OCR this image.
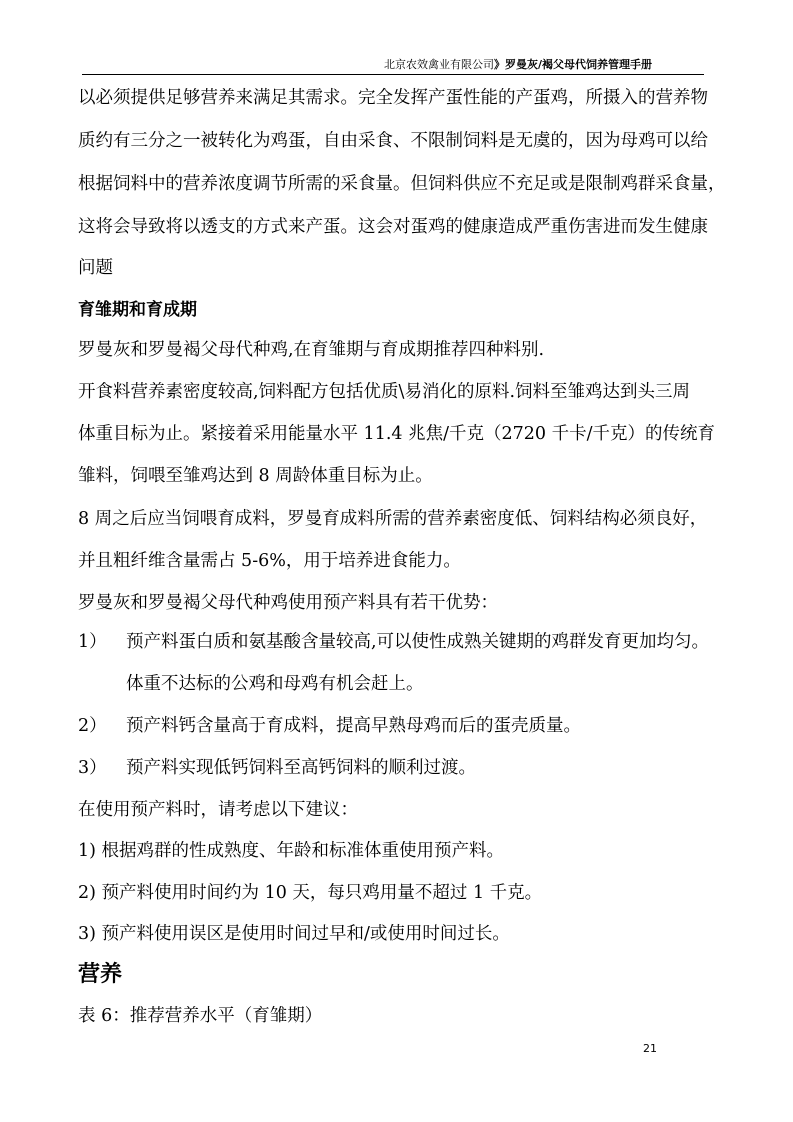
北京农效禽业有限公司》罗曼灰/褐父母代饲养管理手册
以必须提供足够营养来满足其需求。完全发挥产蛋性能的产蛋鸡，所摄入的营养物
质约有三分之一被转化为鸡蛋，自由采食、不限制饲料是无虞的，因为母鸡可以给
根据饲料中的营养浓度调节所需的采食量。但饲料供应不充足或是限制鸡群采食量，
这将会导致将以透支的方式来产蛋。这会对蛋鸡的健康造成严重伤害进而发生健康
问题
育雏期和育成期
罗曼灰和罗曼褐父母代种鸡,在育雏期与育成期推荐四种料别.
开食料营养素密度较高,饲料配方包括优质\易消化的原料.饲料至雏鸡达到头三周
体重目标为止。紧接着采用能量水平 11.4 兆焦/千克（2720 千卡/千克）的传统育
雏料，饲喂至雏鸡达到 8 周龄体重目标为止。
8 周之后应当饲喂育成料，罗曼育成料所需的营养素密度低、饲料结构必须良好，
并且粗纤维含量需占 5-6%，用于培养进食能力。
罗曼灰和罗曼褐父母代种鸡使用预产料具有若干优势：
1） 预产料蛋白质和氨基酸含量较高,可以使性成熟关键期的鸡群发育更加均匀。
体重不达标的公鸡和母鸡有机会赶上。
2） 预产料钙含量高于育成料，提高早熟母鸡而后的蛋壳质量。
3） 预产料实现低钙饲料至高钙饲料的顺利过渡。
在使用预产料时，请考虑以下建议：
1) 根据鸡群的性成熟度、年龄和标准体重使用预产料。
2) 预产料使用时间约为 10 天，每只鸡用量不超过 1 千克。
3) 预产料使用误区是使用时间过早和/或使用时间过长。
营养
表 6：推荐营养水平（育雏期）
21
